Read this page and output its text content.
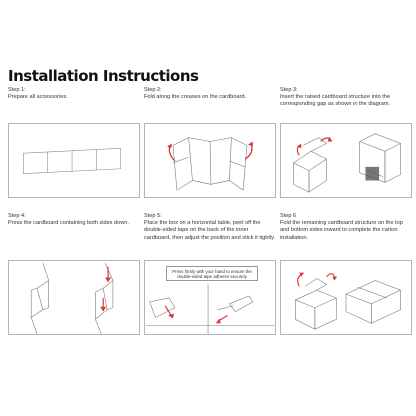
Installation Instructions
Step 1:
Prepare all accessories.
Step 2:
Fold along the creases on the cardboard.
Step 3:
Insert the raised cardboard structure into the corresponding gap as shown in the diagram.
Step 4:
Press the cardboard containing both sides down.
Step 5:
Place the box on a horizontal table, peel off the double-sided tape on the back of the inner cardboard, then adjust the position and stick it tightly.
Step 6
Fold the remaining cardboard structure on the top and bottom sides inward to complete the carton installation.
Press firmly with your hand to ensure the double-sided tape adheres securely
